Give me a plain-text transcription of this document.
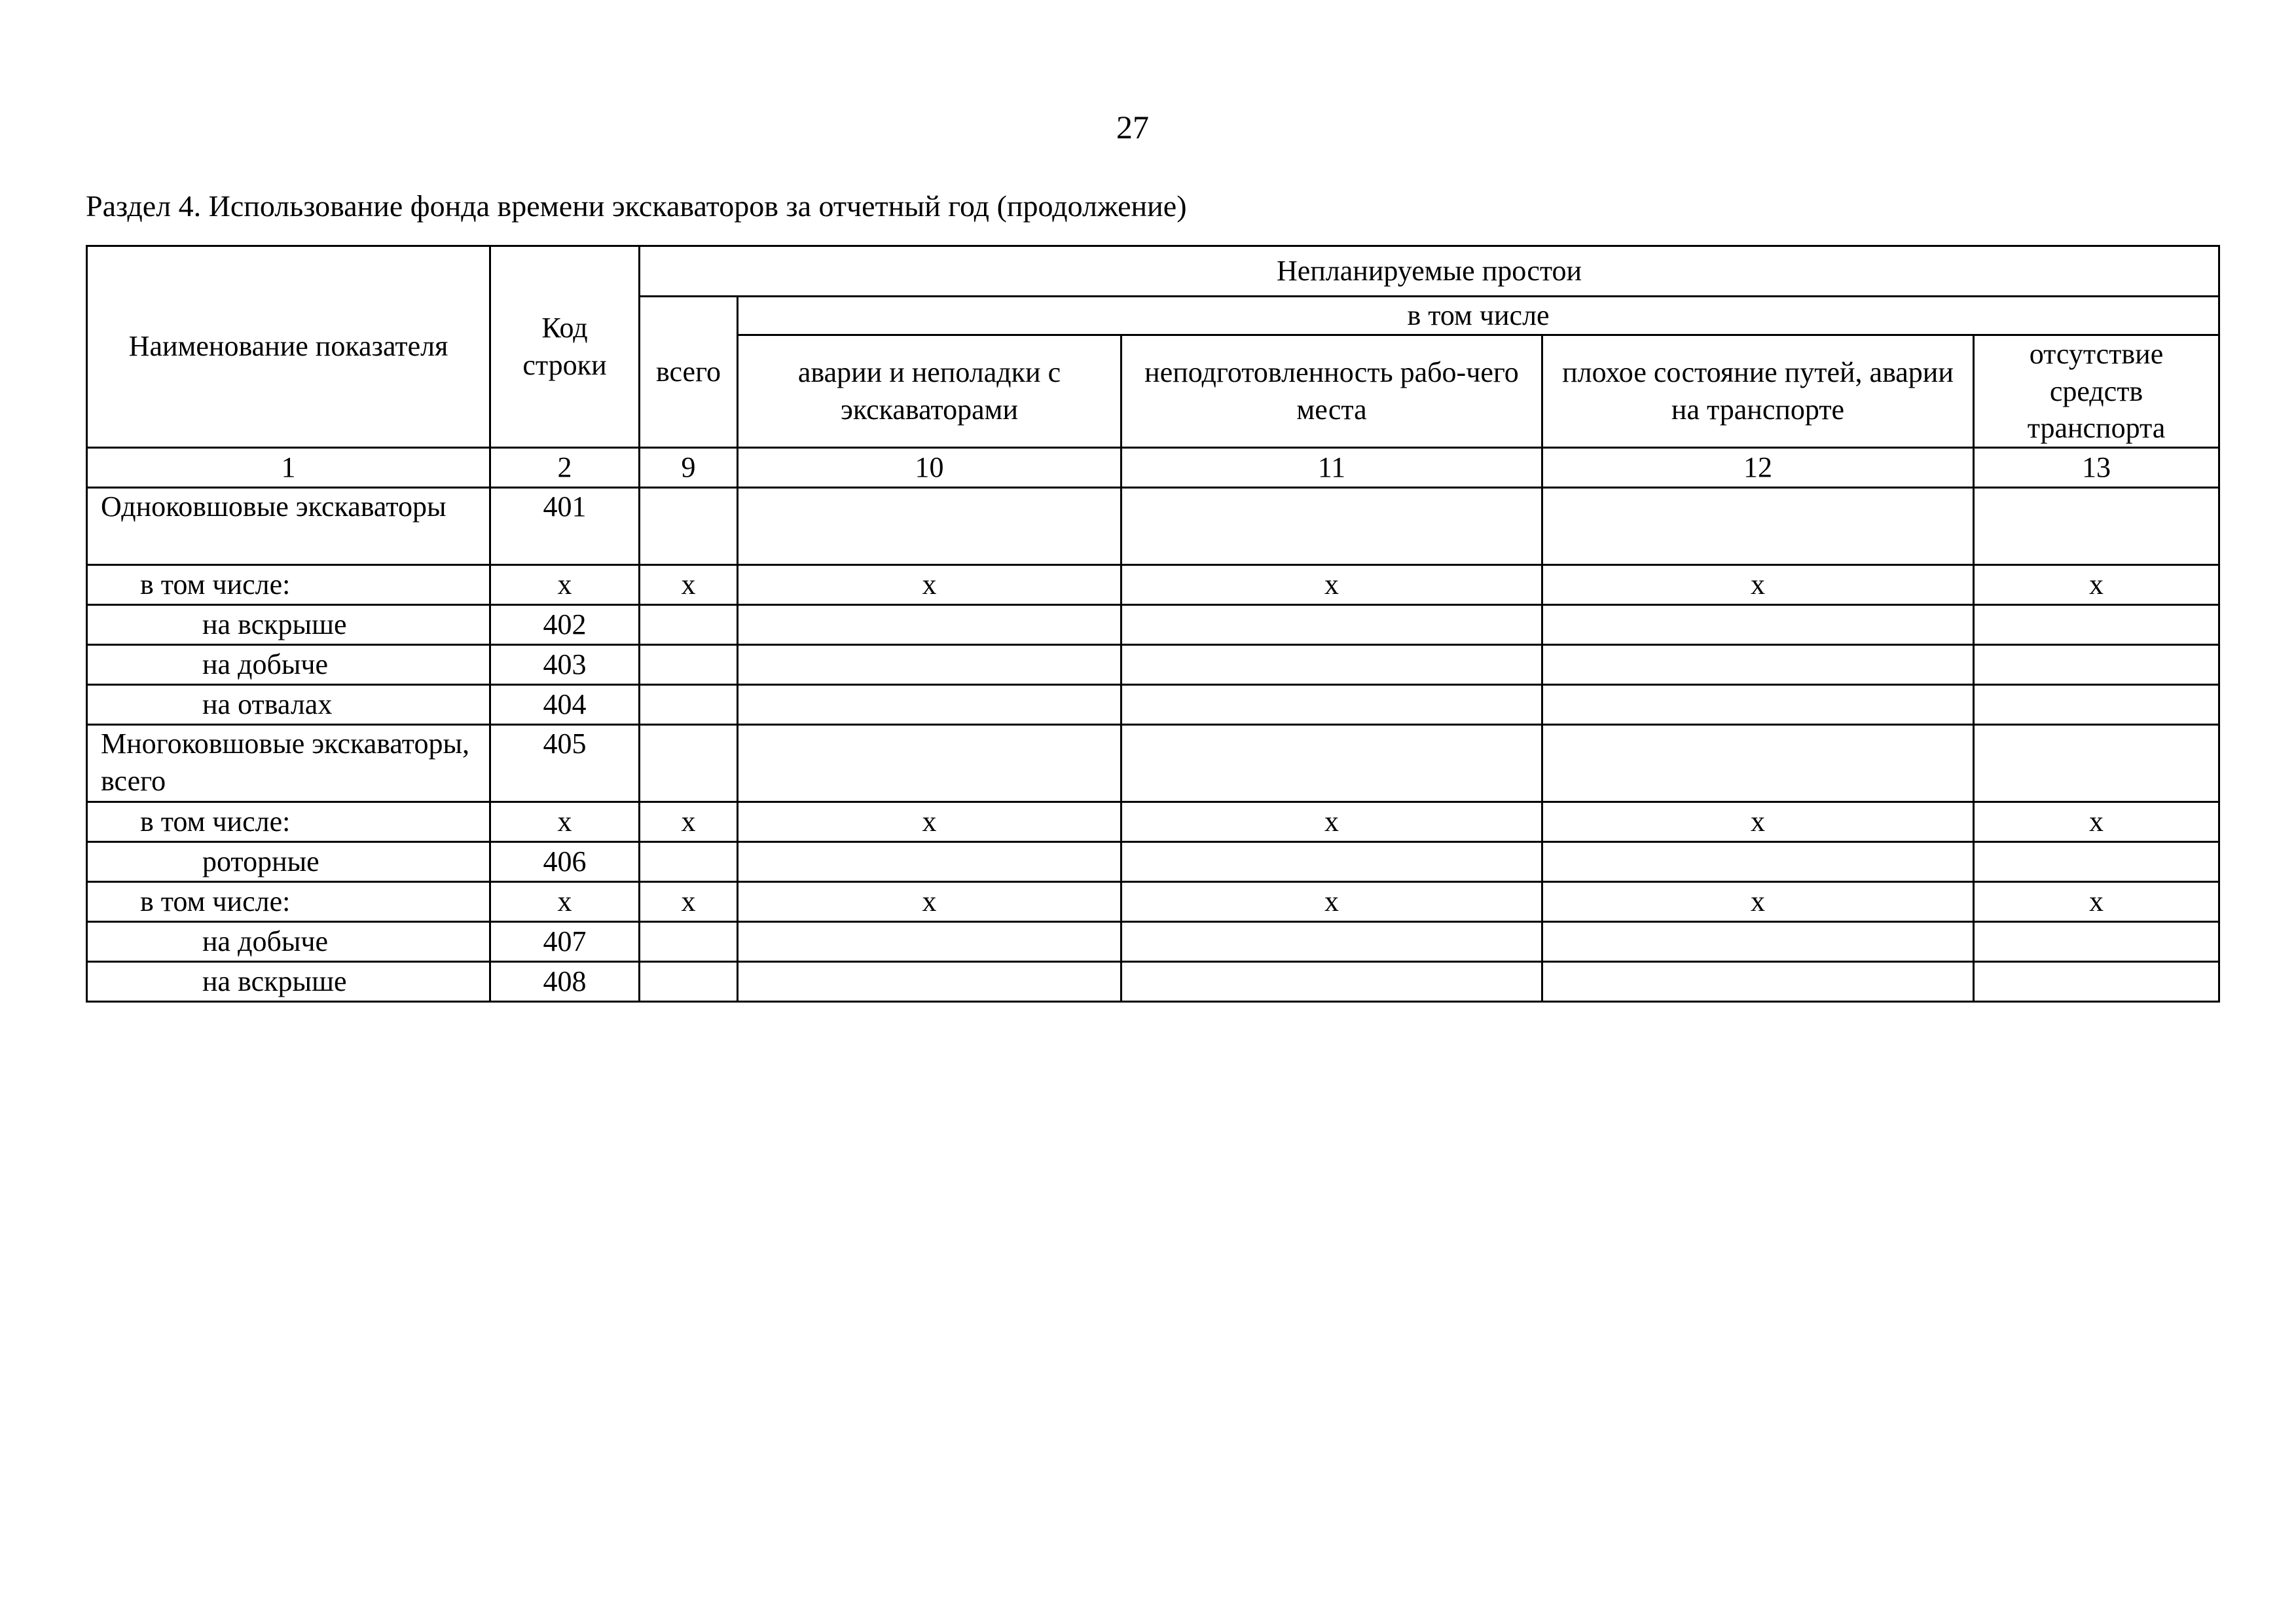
27
Раздел 4. Использование фонда времени экскаваторов за отчетный год (продолжение)
Наименование показателя	Код строки	Непланируемые простои				
		всего	в том числе			
			аварии и неполадки с экскаваторами	неподготовленность рабо-чего места	плохое состояние путей, аварии на транспорте	отсутствие средств транспорта
1	2	9	10	11	12	13
Одноковшовые экскаваторы	401					
в том числе:	х	х	х	х	х	х
на вскрыше	402					
на добыче	403					
на отвалах	404					
Многоковшовые экскаваторы, всего	405					
в том числе:	х	х	х	х	х	х
роторные	406					
в том числе:	х	х	х	х	х	х
на добыче	407					
на вскрыше	408					
